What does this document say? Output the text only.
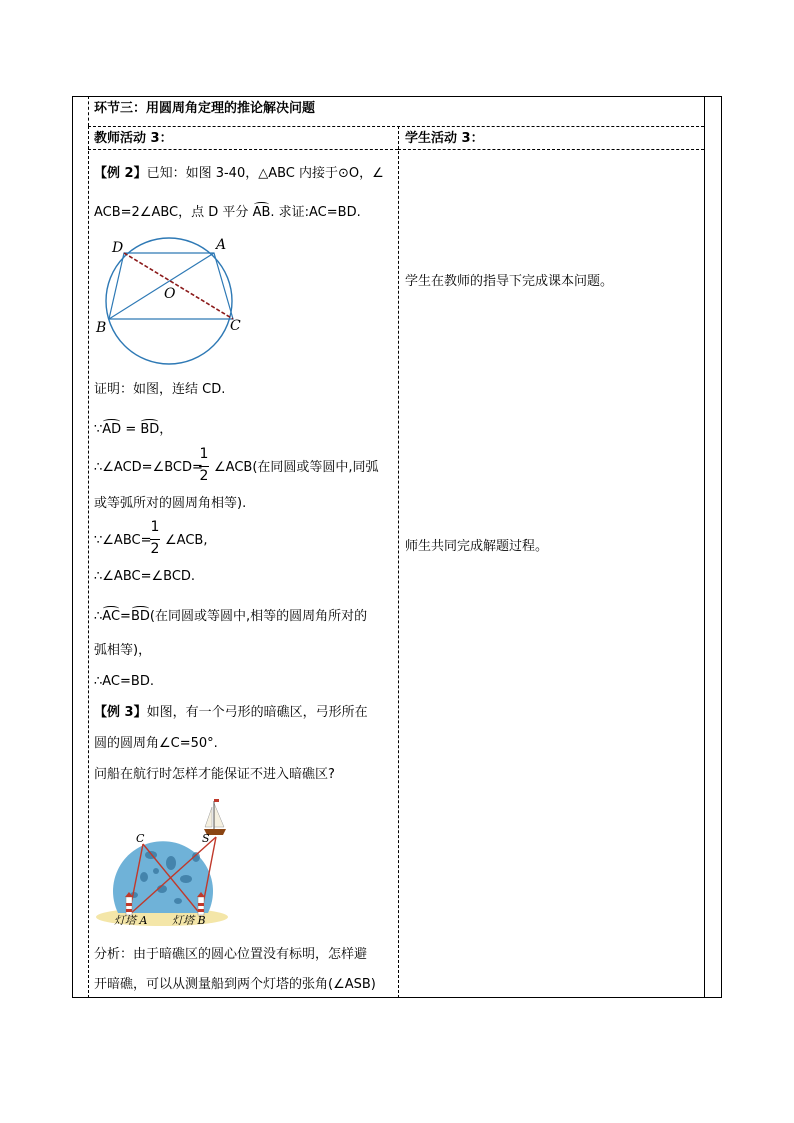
环节三：用圆周角定理的推论解决问题
教师活动 3：
【例 2】已知：如图 3-40，△ABC 内接于⊙O，∠
ACB=2∠ABC，点 D 平分 AB. 求证:AC=BD.
D	A
O
B	C
证明：如图，连结 CD.
∵AD = BD，
∴∠ACD=∠BCD=
1
2
∠ACB(在同圆或等圆中,同弧
或等弧所对的圆周角相等).
∵∠ABC=
1
2
∠ACB,
∴∠ABC=∠BCD.
∴AC=BD(在同圆或等圆中,相等的圆周角所对的
弧相等)，
∴AC=BD.
【例 3】如图，有一个弓形的暗礁区，弓形所在
圆的圆周角∠C=50°.
问船在航行时怎样才能保证不进入暗礁区?
C	S
灯塔 A 灯塔 B
分析：由于暗礁区的圆心位置没有标明，怎样避
开暗礁，可以从测量船到两个灯塔的张角(∠ASB)
学生活动 3：
学生在教师的指导下完成课本问题。
师生共同完成解题过程。
